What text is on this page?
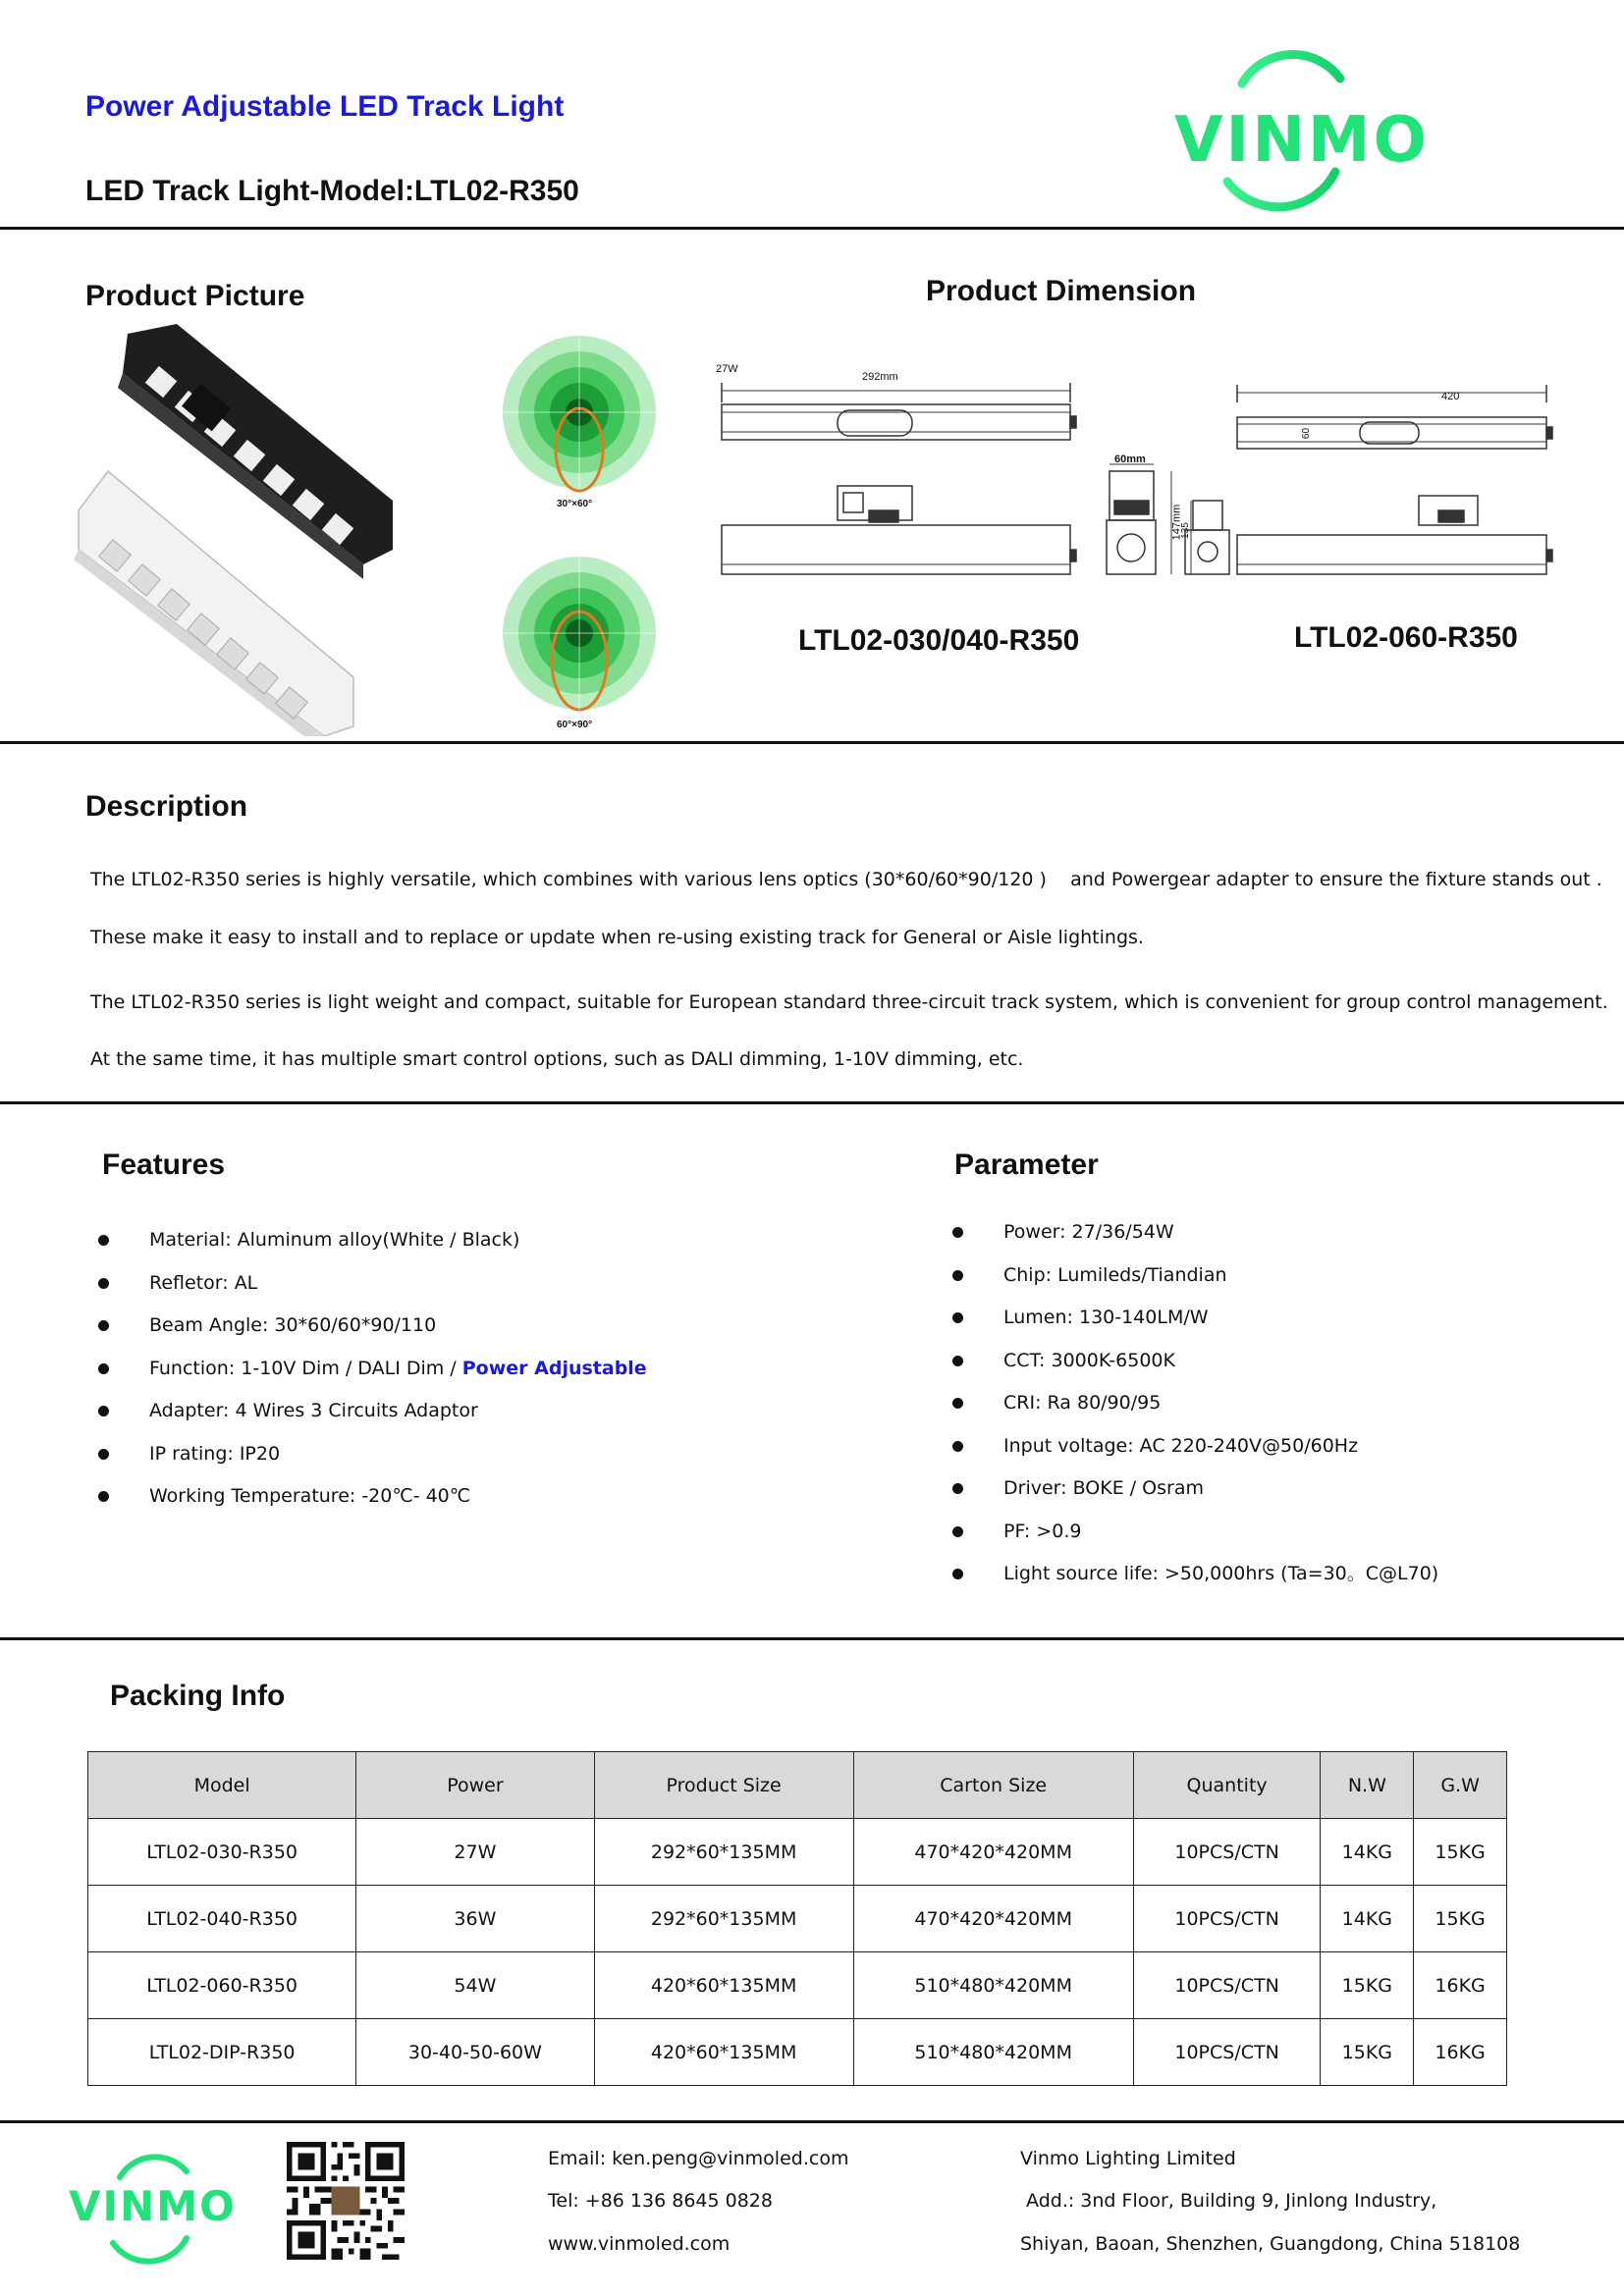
Power Adjustable LED Track Light
LED Track Light-Model:LTL02-R350
VINMO
Product Picture
30°×60°
60°×90°
Product Dimension
27W
292mm
60mm
147mm
135
420
60
LTL02-030/040-R350	LTL02-060-R350
Description
The LTL02-R350 series is highly versatile, which combines with various lens optics (30*60/60*90/120 )    and Powergear adapter to ensure the fixture stands out .
These make it easy to install and to replace or update when re-using existing track for General or Aisle lightings.
The LTL02-R350 series is light weight and compact, suitable for European standard three-circuit track system, which is convenient for group control management.
At the same time, it has multiple smart control options, such as DALI dimming, 1-10V dimming, etc.
Features
Material: Aluminum alloy(White / Black)
Refletor: AL
Beam Angle: 30*60/60*90/110
Function: 1-10V Dim / DALI Dim / Power Adjustable
Adapter: 4 Wires 3 Circuits Adaptor
IP rating: IP20
Working Temperature: -20℃- 40℃
Parameter
Power: 27/36/54W
Chip: Lumileds/Tiandian
Lumen: 130-140LM/W
CCT: 3000K-6500K
CRI: Ra 80/90/95
Input voltage: AC 220-240V@50/60Hz
Driver: BOKE / Osram
PF: >0.9
Light source life: >50,000hrs (Ta=30。C@L70)
Packing Info
Model	Power	Product Size	Carton Size	Quantity	N.W	G.W
LTL02-030-R350	27W	292*60*135MM	470*420*420MM	10PCS/CTN	14KG	15KG
LTL02-040-R350	36W	292*60*135MM	470*420*420MM	10PCS/CTN	14KG	15KG
LTL02-060-R350	54W	420*60*135MM	510*480*420MM	10PCS/CTN	15KG	16KG
LTL02-DIP-R350	30-40-50-60W	420*60*135MM	510*480*420MM	10PCS/CTN	15KG	16KG
VINMO
Email: ken.peng@vinmoled.com
Tel: +86 136 8645 0828
www.vinmoled.com
Vinmo Lighting Limited
Add.: 3nd Floor, Building 9, Jinlong Industry,
Shiyan, Baoan, Shenzhen, Guangdong, China 518108
